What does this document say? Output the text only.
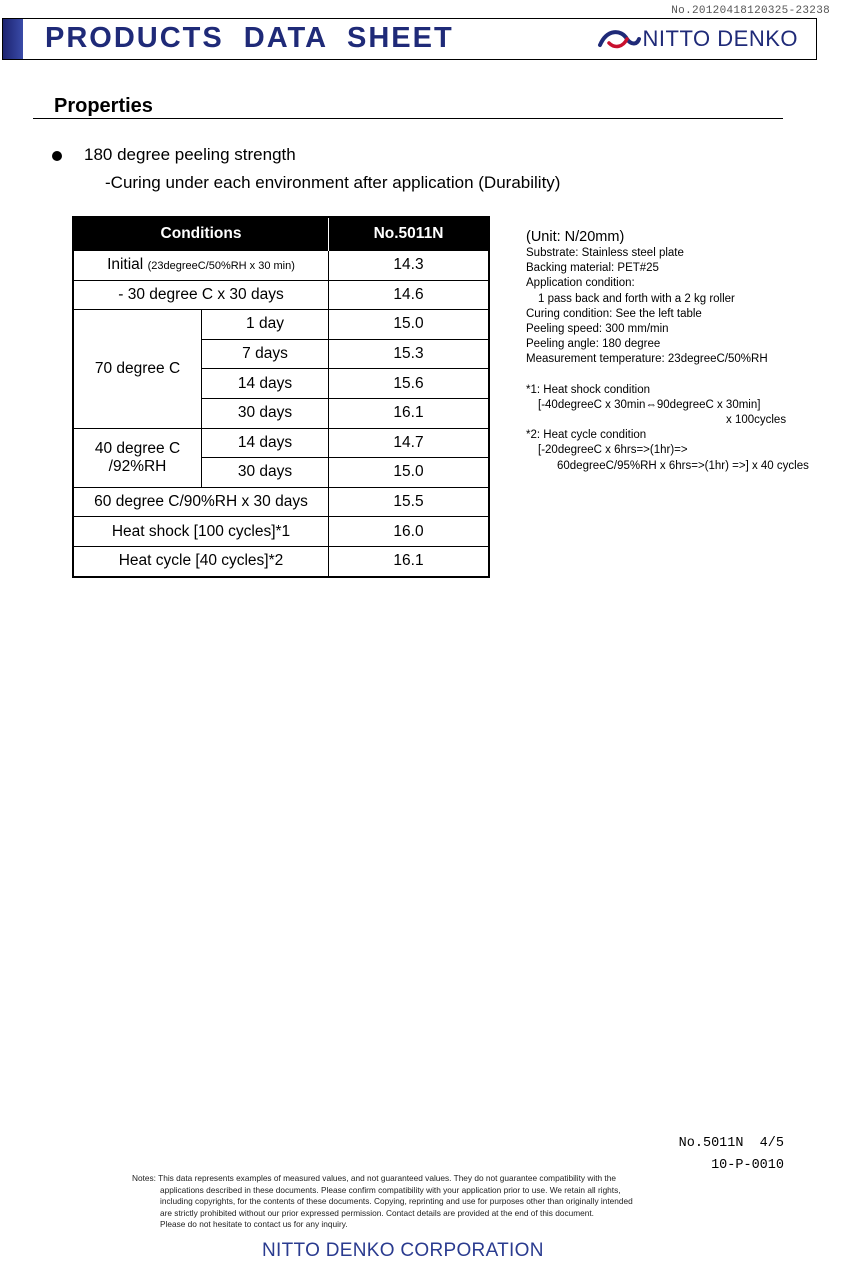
No.20120418120325-23238
PRODUCTS DATA SHEET	NITTO DENKO
Properties
180 degree peeling strength
-Curing under each environment after application (Durability)
Conditions		No.5011N
Initial (23degreeC/50%RH x 30 min)		14.3
- 30 degree C x 30 days		14.6
70 degree C	1 day	15.0
	7 days	15.3
	14 days	15.6
	30 days	16.1

40 degree C
/92%RH	14 days	14.7
	30 days	15.0
60 degree C/90%RH x 30 days		15.5
Heat shock [100 cycles]*1		16.0
Heat cycle [40 cycles]*2		16.1
(Unit: N/20mm)
Substrate: Stainless steel plate
Backing material: PET#25
Application condition:
1 pass back and forth with a 2 kg roller
Curing condition: See the left table
Peeling speed: 300 mm/min
Peeling angle: 180 degree
Measurement temperature: 23degreeC/50%RH
*1: Heat shock condition
[-40degreeC x 30min⇔90degreeC x 30min]
x 100cycles
*2: Heat cycle condition
[-20degreeC x 6hrs=>(1hr)=>
60degreeC/95%RH x 6hrs=>(1hr) =>] x 40 cycles
No.5011N  4/5
10-P-0010
Notes: This data represents examples of measured values, and not guaranteed values. They do not guarantee compatibility with the
applications described in these documents. Please confirm compatibility with your application prior to use. We retain all rights,
including copyrights, for the contents of these documents. Copying, reprinting and use for purposes other than originally intended
are strictly prohibited without our prior expressed permission. Contact details are provided at the end of this document.
Please do not hesitate to contact us for any inquiry.
NITTO DENKO CORPORATION
